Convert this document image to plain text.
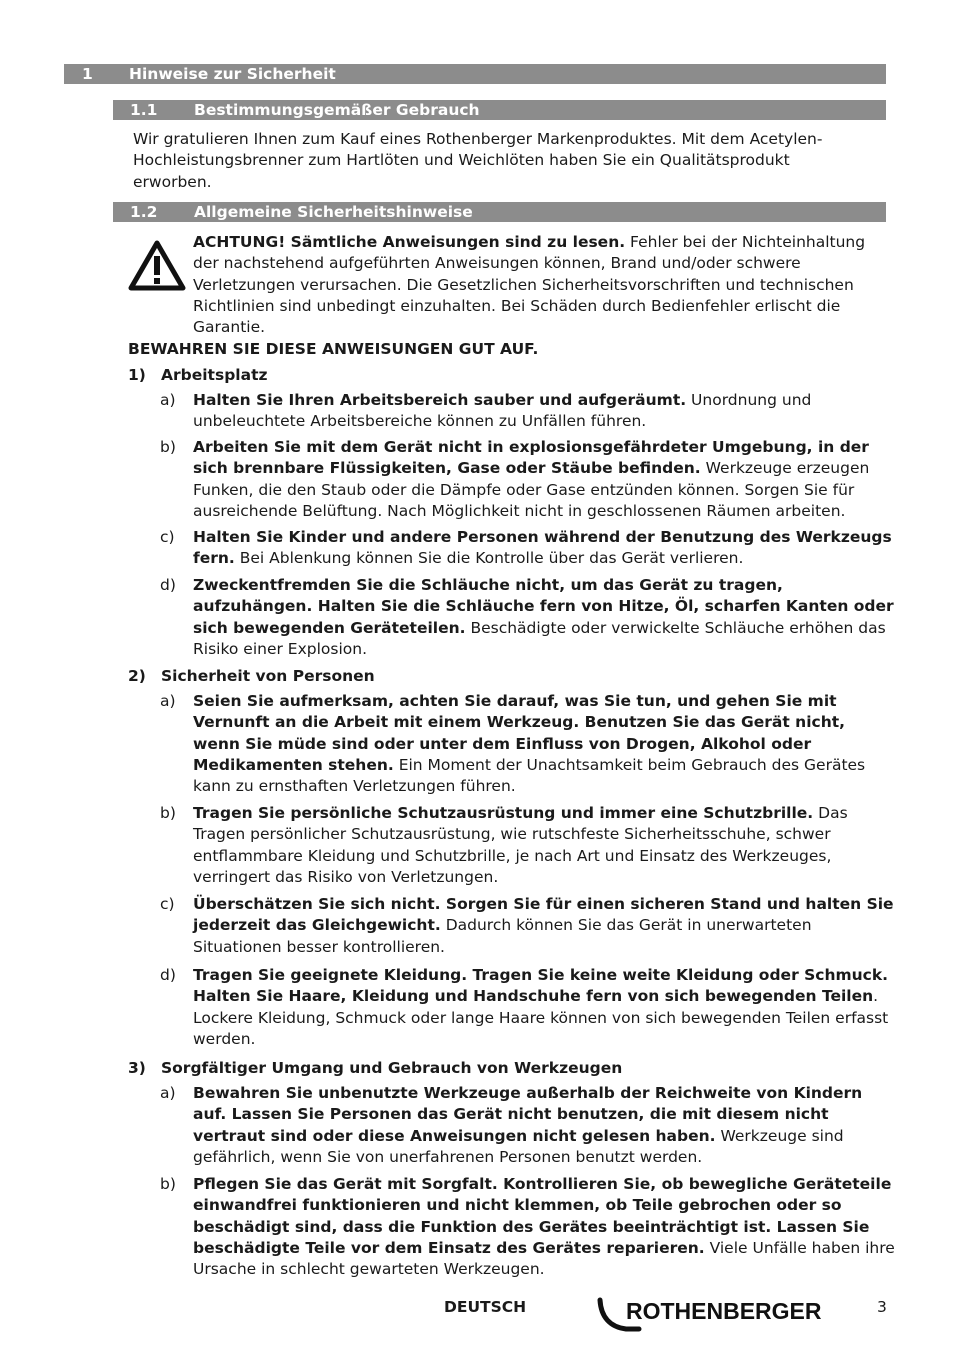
1 Hinweise zur Sicherheit
1.1 Bestimmungsgemäßer Gebrauch

Wir gratulieren Ihnen zum Kauf eines Rothenberger Markenproduktes. Mit dem Acetylen-Hochleistungsbrenner zum Hartlöten und Weichlöten haben Sie ein Qualitätsprodukt erworben.

1.2 Allgemeine Sicherheitshinweise

ACHTUNG! Sämtliche Anweisungen sind zu lesen. Fehler bei der Nichteinhaltung der nachstehend aufgeführten Anweisungen können, Brand und/oder schwere Verletzungen verursachen. Die Gesetzlichen Sicherheitsvorschriften und technischen Richtlinien sind unbedingt einzuhalten. Bei Schäden durch Bedienfehler erlischt die Garantie.

BEWAHREN SIE DIESE ANWEISUNGEN GUT AUF.
1) Arbeitsplatz
a) Halten Sie Ihren Arbeitsbereich sauber und aufgeräumt. Unordnung und unbeleuchtete Arbeitsbereiche können zu Unfällen führen.
b) Arbeiten Sie mit dem Gerät nicht in explosionsgefährdeter Umgebung, in der sich brennbare Flüssigkeiten, Gase oder Stäube befinden. Werkzeuge erzeugen Funken, die den Staub oder die Dämpfe oder Gase entzünden können. Sorgen Sie für ausreichende Belüftung. Nach Möglichkeit nicht in geschlossenen Räumen arbeiten.
c) Halten Sie Kinder und andere Personen während der Benutzung des Werkzeugs fern. Bei Ablenkung können Sie die Kontrolle über das Gerät verlieren.
d) Zweckentfremden Sie die Schläuche nicht, um das Gerät zu tragen, aufzuhängen. Halten Sie die Schläuche fern von Hitze, Öl, scharfen Kanten oder sich bewegenden Geräteteilen. Beschädigte oder verwickelte Schläuche erhöhen das Risiko einer Explosion.
2) Sicherheit von Personen
a) Seien Sie aufmerksam, achten Sie darauf, was Sie tun, und gehen Sie mit Vernunft an die Arbeit mit einem Werkzeug. Benutzen Sie das Gerät nicht, wenn Sie müde sind oder unter dem Einfluss von Drogen, Alkohol oder Medikamenten stehen. Ein Moment der Unachtsamkeit beim Gebrauch des Gerätes kann zu ernsthaften Verletzungen führen.
b) Tragen Sie persönliche Schutzausrüstung und immer eine Schutzbrille. Das Tragen persönlicher Schutzausrüstung, wie rutschfeste Sicherheitsschuhe, schwer entflammbare Kleidung und Schutzbrille, je nach Art und Einsatz des Werkzeuges, verringert das Risiko von Verletzungen.
c) Überschätzen Sie sich nicht. Sorgen Sie für einen sicheren Stand und halten Sie jederzeit das Gleichgewicht. Dadurch können Sie das Gerät in unerwarteten Situationen besser kontrollieren.
d) Tragen Sie geeignete Kleidung. Tragen Sie keine weite Kleidung oder Schmuck. Halten Sie Haare, Kleidung und Handschuhe fern von sich bewegenden Teilen. Lockere Kleidung, Schmuck oder lange Haare können von sich bewegenden Teilen erfasst werden.
3) Sorgfältiger Umgang und Gebrauch von Werkzeugen
a) Bewahren Sie unbenutzte Werkzeuge außerhalb der Reichweite von Kindern auf. Lassen Sie Personen das Gerät nicht benutzen, die mit diesem nicht vertraut sind oder diese Anweisungen nicht gelesen haben. Werkzeuge sind gefährlich, wenn Sie von unerfahrenen Personen benutzt werden.
b) Pflegen Sie das Gerät mit Sorgfalt. Kontrollieren Sie, ob bewegliche Geräteteile einwandfrei funktionieren und nicht klemmen, ob Teile gebrochen oder so beschädigt sind, dass die Funktion des Gerätes beeinträchtigt ist. Lassen Sie beschädigte Teile vor dem Einsatz des Gerätes reparieren. Viele Unfälle haben ihre Ursache in schlecht gewarteten Werkzeugen.
DEUTSCH	ROTHENBERGER	3
